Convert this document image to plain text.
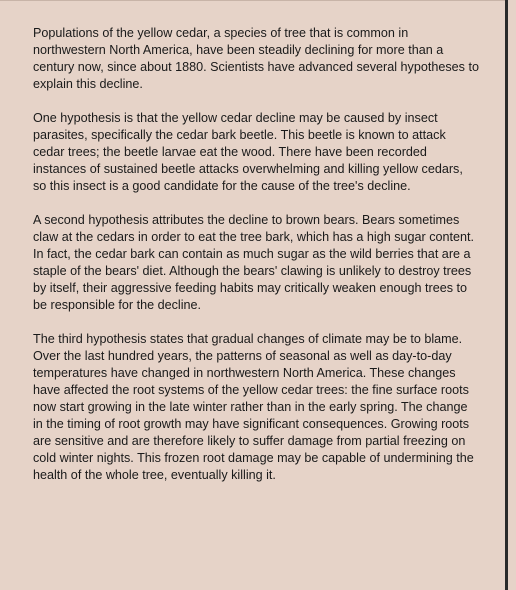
Populations of the yellow cedar, a species of tree that is common in northwestern North America, have been steadily declining for more than a century now, since about 1880. Scientists have advanced several hypotheses to explain this decline.

One hypothesis is that the yellow cedar decline may be caused by insect parasites, specifically the cedar bark beetle. This beetle is known to attack cedar trees; the beetle larvae eat the wood. There have been recorded instances of sustained beetle attacks overwhelming and killing yellow cedars, so this insect is a good candidate for the cause of the tree's decline.

A second hypothesis attributes the decline to brown bears. Bears sometimes claw at the cedars in order to eat the tree bark, which has a high sugar content. In fact, the cedar bark can contain as much sugar as the wild berries that are a staple of the bears' diet. Although the bears' clawing is unlikely to destroy trees by itself, their aggressive feeding habits may critically weaken enough trees to be responsible for the decline.

The third hypothesis states that gradual changes of climate may be to blame. Over the last hundred years, the patterns of seasonal as well as day-to-day temperatures have changed in northwestern North America. These changes have affected the root systems of the yellow cedar trees: the fine surface roots now start growing in the late winter rather than in the early spring. The change in the timing of root growth may have significant consequences. Growing roots are sensitive and are therefore likely to suffer damage from partial freezing on cold winter nights. This frozen root damage may be capable of undermining the health of the whole tree, eventually killing it.
